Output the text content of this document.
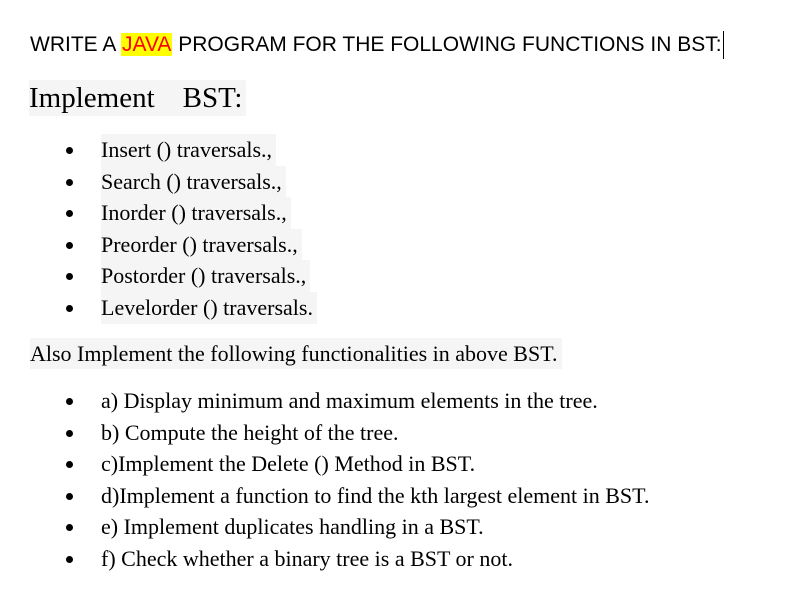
WRITE A JAVA PROGRAM FOR THE FOLLOWING FUNCTIONS IN BST:
Implement BST:
Insert () traversals.,
Search () traversals.,
Inorder () traversals.,
Preorder () traversals.,
Postorder () traversals.,
Levelorder () traversals.
Also Implement the following functionalities in above BST.
a) Display minimum and maximum elements in the tree.
b) Compute the height of the tree.
c)Implement the Delete () Method in BST.
d)Implement a function to find the kth largest element in BST.
e) Implement duplicates handling in a BST.
f) Check whether a binary tree is a BST or not.
